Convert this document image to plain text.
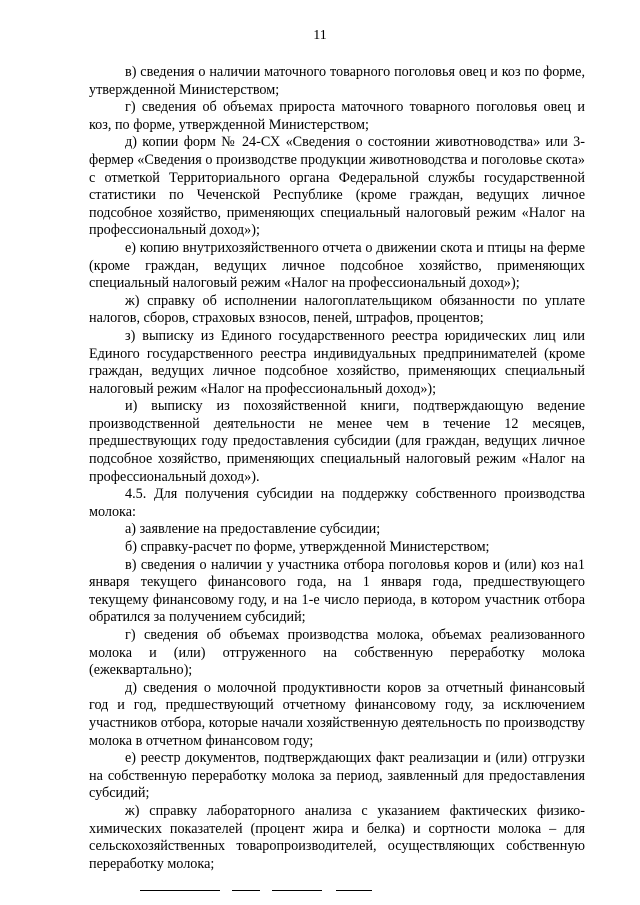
11

в) сведения о наличии маточного товарного поголовья овец и коз по форме, утвержденной Министерством;

г) сведения об объемах прироста маточного товарного поголовья овец и коз, по форме, утвержденной Министерством;

д) копии форм № 24-СХ «Сведения о состоянии животноводства» или 3-фермер «Сведения о производстве продукции животноводства и поголовье скота» с отметкой Территориального органа Федеральной службы государственной статистики по Чеченской Республике (кроме граждан, ведущих личное подсобное хозяйство, применяющих специальный налоговый режим «Налог на профессиональный доход»);

е) копию внутрихозяйственного отчета о движении скота и птицы на ферме (кроме граждан, ведущих личное подсобное хозяйство, применяющих специальный налоговый режим «Налог на профессиональный доход»);

ж) справку об исполнении налогоплательщиком обязанности по уплате налогов, сборов, страховых взносов, пеней, штрафов, процентов;

з) выписку из Единого государственного реестра юридических лиц или Единого государственного реестра индивидуальных предпринимателей (кроме граждан, ведущих личное подсобное хозяйство, применяющих специальный налоговый режим «Налог на профессиональный доход»);

и) выписку из похозяйственной книги, подтверждающую ведение производственной деятельности не менее чем в течение 12 месяцев, предшествующих году предоставления субсидии (для граждан, ведущих личное подсобное хозяйство, применяющих специальный налоговый режим «Налог на профессиональный доход»).

4.5. Для получения субсидии на поддержку собственного производства молока:

а) заявление на предоставление субсидии;

б) справку-расчет по форме, утвержденной Министерством;

в) сведения о наличии у участника отбора поголовья коров и (или) коз на1 января текущего финансового года, на 1 января года, предшествующего текущему финансовому году, и на 1-е число периода, в котором участник отбора обратился за получением субсидий;

г) сведения об объемах производства молока, объемах реализованного молока и (или) отгруженного на собственную переработку молока (ежеквартально);

д) сведения о молочной продуктивности коров за отчетный финансовый год и год, предшествующий отчетному финансовому году, за исключением участников отбора, которые начали хозяйственную деятельность по производству молока в отчетном финансовом году;

е) реестр документов, подтверждающих факт реализации и (или) отгрузки на собственную переработку молока за период, заявленный для предоставления субсидий;

ж) справку лабораторного анализа с указанием фактических физико-химических показателей (процент жира и белка) и сортности молока – для сельскохозяйственных товаропроизводителей, осуществляющих собственную переработку молока;
